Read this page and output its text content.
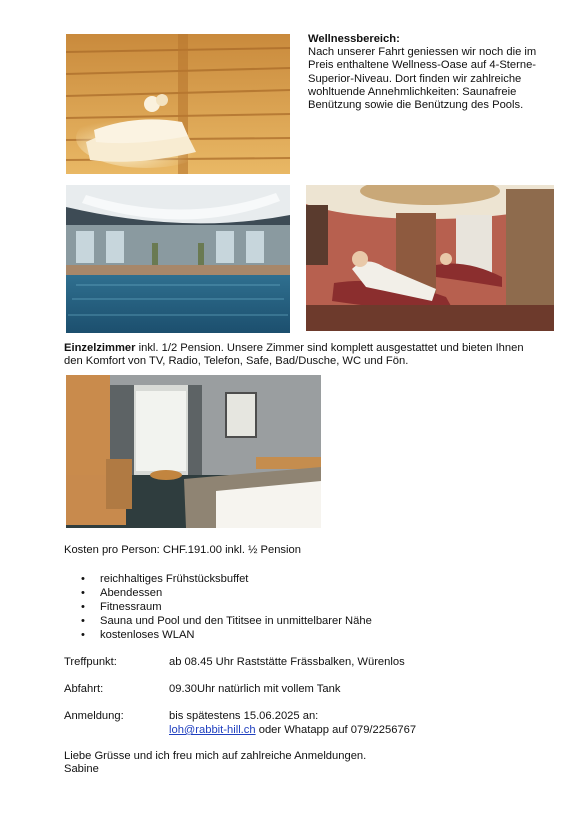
Wellnessbereich:

Nach unserer Fahrt geniessen wir noch die im Preis enthaltene Wellness-Oase auf 4-Sterne-Superior-Niveau. Dort finden wir zahlreiche wohltuende Annehmlichkeiten: Saunafreie Benützung sowie die Benützung des Pools.

Einzelzimmer inkl. 1/2 Pension. Unsere Zimmer sind komplett ausgestattet und bieten Ihnen den Komfort von TV, Radio, Telefon, Safe, Bad/Dusche, WC und Fön.

Kosten pro Person: CHF.191.00 inkl. ½ Pension

• reichhaltiges Frühstücksbuffet
• Abendessen
• Fitnessraum
• Sauna und Pool und den Tititsee in unmittelbarer Nähe
• kostenloses WLAN
Treffpunkt:	ab 08.45 Uhr Raststätte Frässbalken, Würenlos
Abfahrt:	09.30Uhr natürlich mit vollem Tank
Anmeldung:	bis spätestens 15.06.2025 an:
loh@rabbit-hill.ch oder Whatapp auf 079/2256767

Liebe Grüsse und ich freu mich auf zahlreiche Anmeldungen.

Sabine
